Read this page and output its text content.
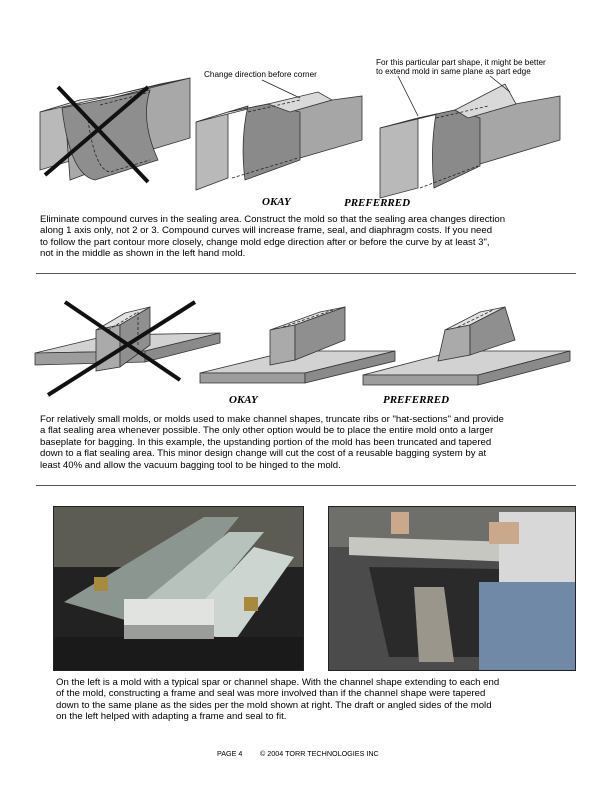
Change direction before corner
For this particular part shape, it might be better
to extend mold in same plane as part edge
OKAY	PREFERRED
Eliminate compound curves in the sealing area. Construct the mold so that the sealing area changes direction
along 1 axis only, not 2 or 3. Compound curves will increase frame, seal, and diaphragm costs. If you need
to follow the part contour more closely, change mold edge direction after or before the curve by at least 3",
not in the middle as shown in the left hand mold.
OKAY	PREFERRED
For relatively small molds, or molds used to make channel shapes, truncate ribs or "hat-sections" and provide
a flat sealing area whenever possible. The only other option would be to place the entire mold onto a larger
baseplate for bagging. In this example, the upstanding portion of the mold has been truncated and tapered
down to a flat sealing area. This minor design change will cut the cost of a reusable bagging system by at
least 40% and allow the vacuum bagging tool to be hinged to the mold.
On the left is a mold with a typical spar or channel shape. With the channel shape extending to each end
of the mold, constructing a frame and seal was more involved than if the channel shape were tapered
down to the same plane as the sides per the mold shown at right. The draft or angled sides of the mold
on the left helped with adapting a frame and seal to fit.
PAGE 4 © 2004 TORR TECHNOLOGIES INC
